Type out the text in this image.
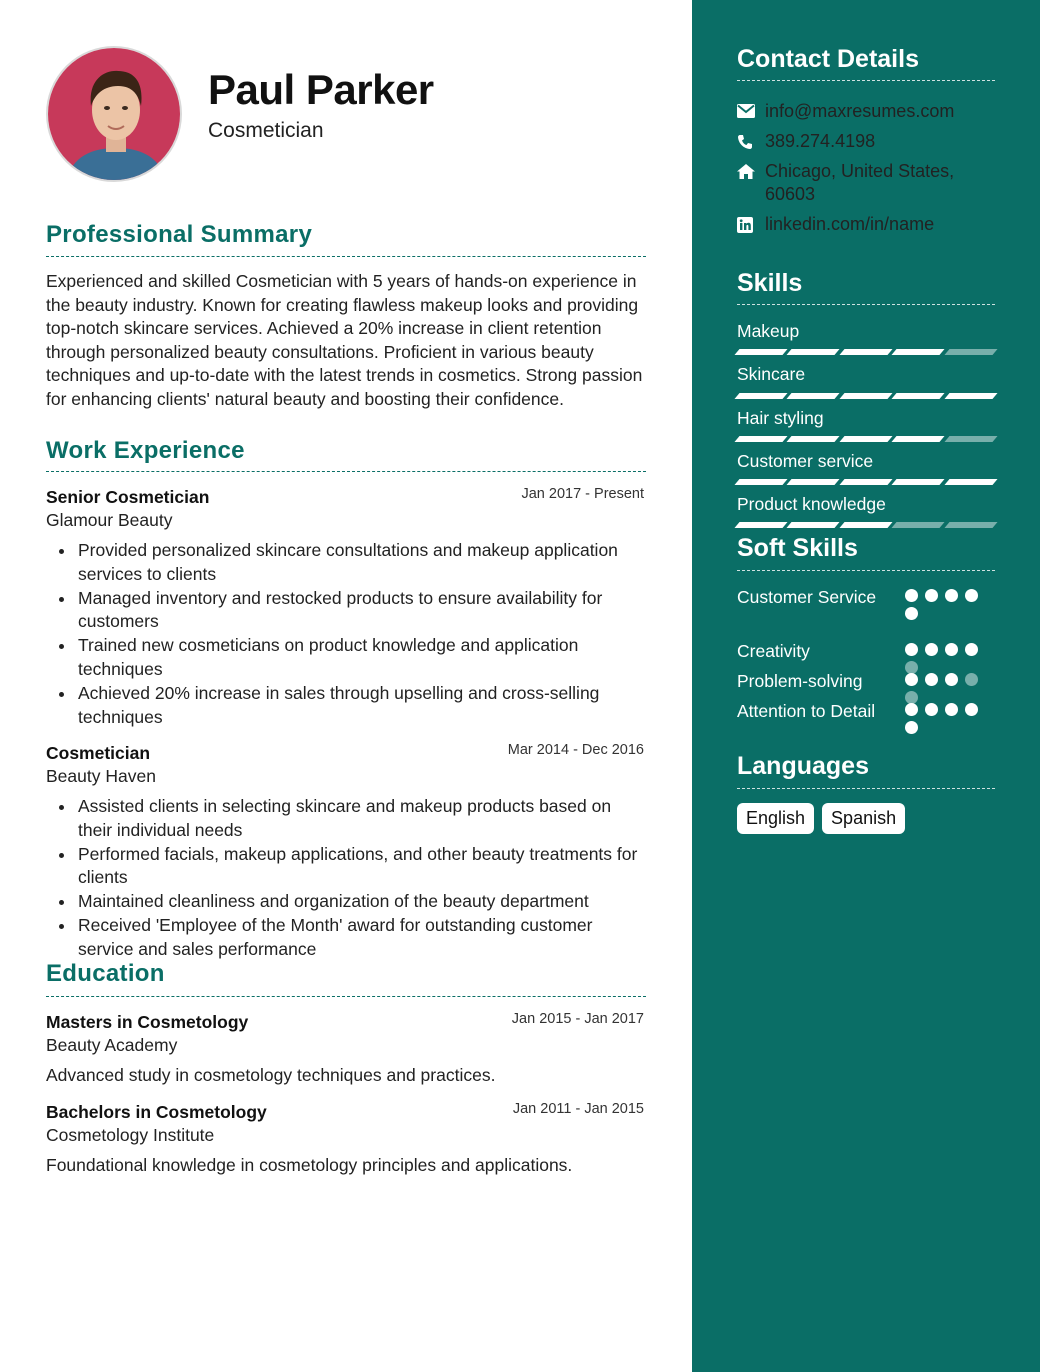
Paul Parker
Cosmetician
Professional Summary
Experienced and skilled Cosmetician with 5 years of hands-on experience in the beauty industry. Known for creating flawless makeup looks and providing top-notch skincare services. Achieved a 20% increase in client retention through personalized beauty consultations. Proficient in various beauty techniques and up-to-date with the latest trends in cosmetics. Strong passion for enhancing clients' natural beauty and boosting their confidence.
Work Experience
Senior Cosmetician	Jan 2017 - Present
Glamour Beauty
Provided personalized skincare consultations and makeup application services to clients
Managed inventory and restocked products to ensure availability for customers
Trained new cosmeticians on product knowledge and application techniques
Achieved 20% increase in sales through upselling and cross-selling techniques
Cosmetician	Mar 2014 - Dec 2016
Beauty Haven
Assisted clients in selecting skincare and makeup products based on their individual needs
Performed facials, makeup applications, and other beauty treatments for clients
Maintained cleanliness and organization of the beauty department
Received 'Employee of the Month' award for outstanding customer service and sales performance
Education
Masters in Cosmetology	Jan 2015 - Jan 2017
Beauty Academy
Advanced study in cosmetology techniques and practices.
Bachelors in Cosmetology	Jan 2011 - Jan 2015
Cosmetology Institute
Foundational knowledge in cosmetology principles and applications.
Contact Details
info@maxresumes.com
389.274.4198
Chicago, United States, 60603
linkedin.com/in/name
Skills
Makeup
Skincare
Hair styling
Customer service
Product knowledge
Soft Skills
Customer Service
Creativity
Problem-solving
Attention to Detail
Languages
English	Spanish
